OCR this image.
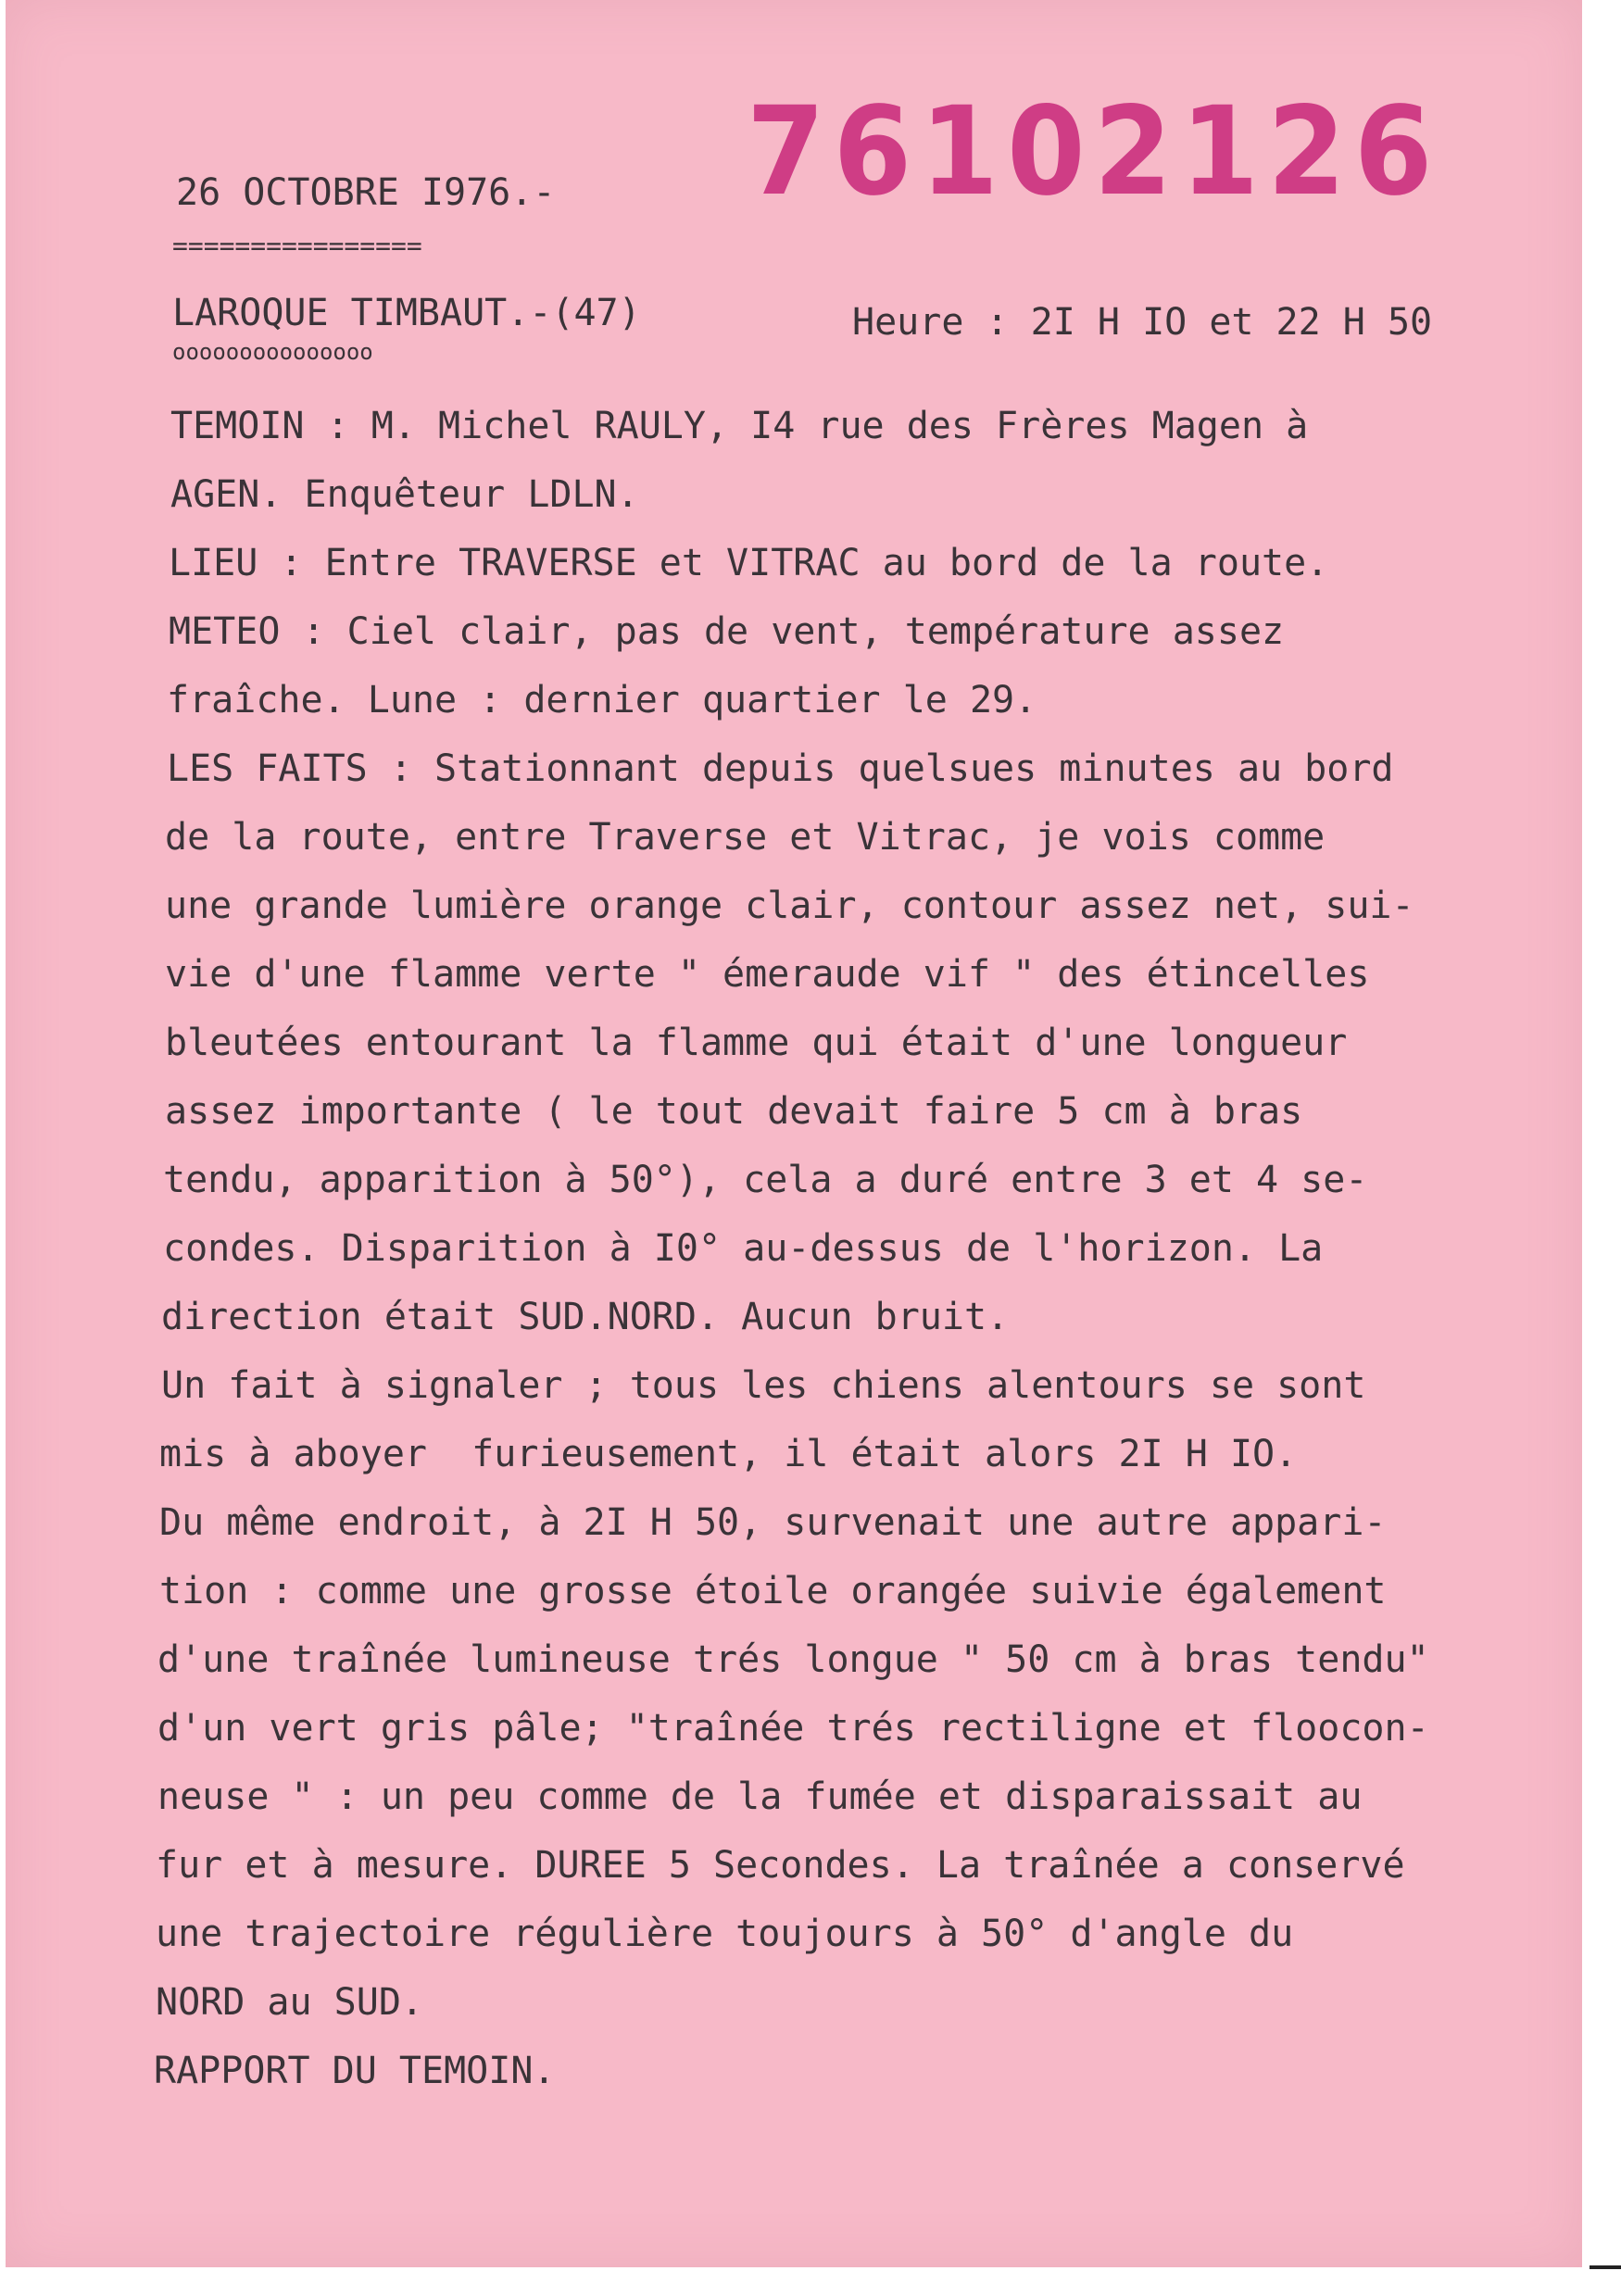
76102126
26 OCTOBRE I976.-
================
LAROQUE TIMBAUT.-(47)
ooooooooooooooo
Heure : 2I H IO et 22 H 50
TEMOIN : M. Michel RAULY, I4 rue des Frères Magen à
AGEN. Enquêteur LDLN.
LIEU : Entre TRAVERSE et VITRAC au bord de la route.
METEO : Ciel clair, pas de vent, température assez
fraîche. Lune : dernier quartier le 29.
LES FAITS : Stationnant depuis quelsues minutes au bord
de la route, entre Traverse et Vitrac, je vois comme
une grande lumière orange clair, contour assez net, sui-
vie d'une flamme verte " émeraude vif " des étincelles
bleutées entourant la flamme qui était d'une longueur
assez importante ( le tout devait faire 5 cm à bras
tendu, apparition à 50°), cela a duré entre 3 et 4 se-
condes. Disparition à I0° au-dessus de l'horizon. La
direction était SUD.NORD. Aucun bruit.
Un fait à signaler ; tous les chiens alentours se sont
mis à aboyer  furieusement, il était alors 2I H IO.
Du même endroit, à 2I H 50, survenait une autre appari-
tion : comme une grosse étoile orangée suivie également
d'une traînée lumineuse trés longue " 50 cm à bras tendu"
d'un vert gris pâle; "traînée trés rectiligne et floocon-
neuse " : un peu comme de la fumée et disparaissait au
fur et à mesure. DUREE 5 Secondes. La traînée a conservé
une trajectoire régulière toujours à 50° d'angle du
NORD au SUD.
RAPPORT DU TEMOIN.
